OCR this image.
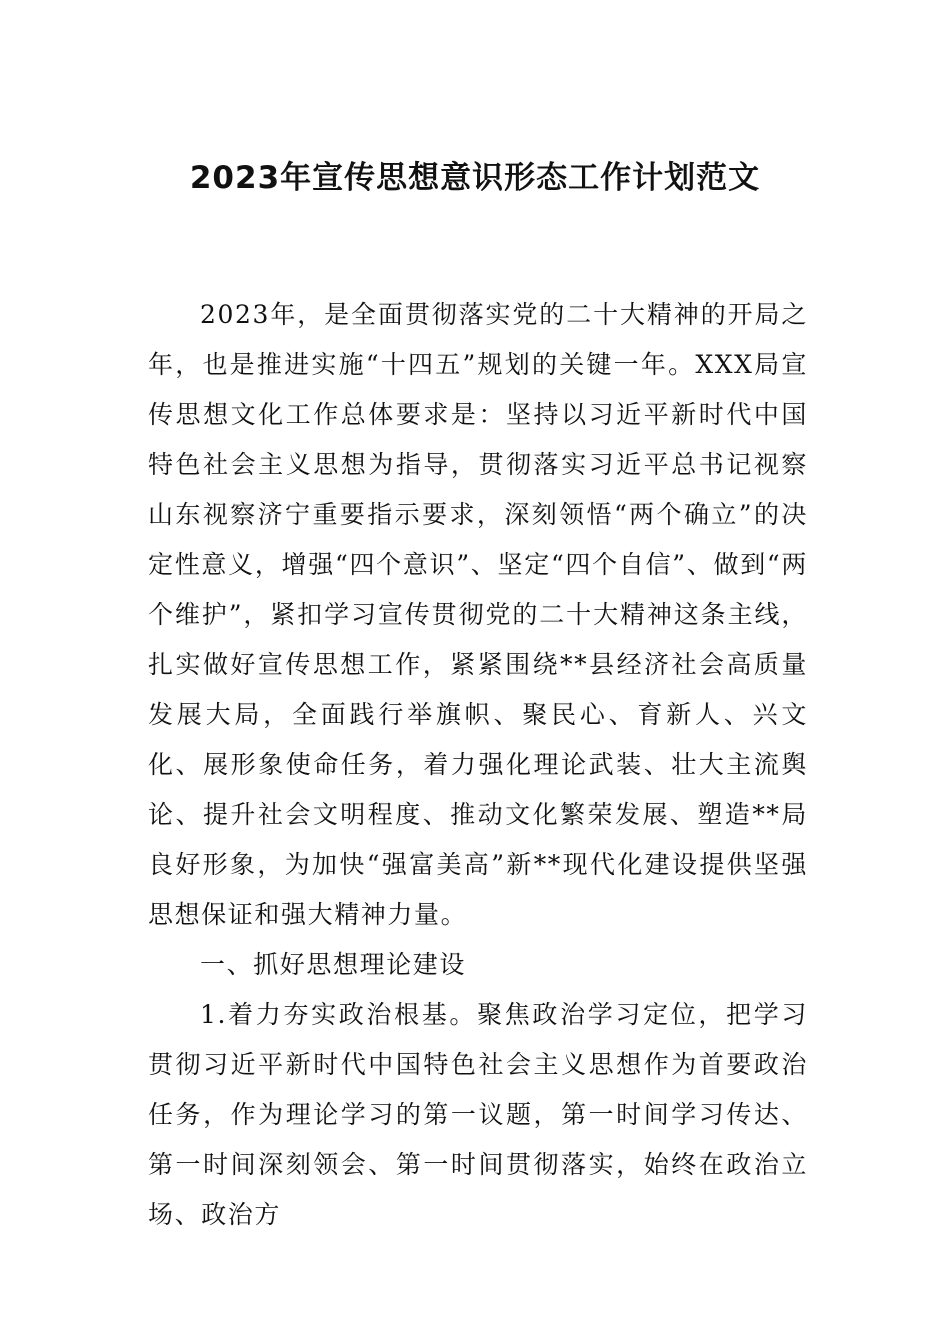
2023年宣传思想意识形态工作计划范文

2023年，是全面贯彻落实党的二十大精神的开局之年，也是推进实施“十四五”规划的关键一年。XXX局宣传思想文化工作总体要求是：坚持以习近平新时代中国特色社会主义思想为指导，贯彻落实习近平总书记视察山东视察济宁重要指示要求，深刻领悟“两个确立”的决定性意义，增强“四个意识”、坚定“四个自信”、做到“两个维护”，紧扣学习宣传贯彻党的二十大精神这条主线，扎实做好宣传思想工作，紧紧围绕**县经济社会高质量发展大局，全面践行举旗帜、聚民心、育新人、兴文化、展形象使命任务，着力强化理论武装、壮大主流舆论、提升社会文明程度、推动文化繁荣发展、塑造**局良好形象，为加快“强富美高”新**现代化建设提供坚强思想保证和强大精神力量。

一、抓好思想理论建设

1.着力夯实政治根基。聚焦政治学习定位，把学习贯彻习近平新时代中国特色社会主义思想作为首要政治任务，作为理论学习的第一议题，第一时间学习传达、第一时间深刻领会、第一时间贯彻落实，始终在政治立场、政治方
